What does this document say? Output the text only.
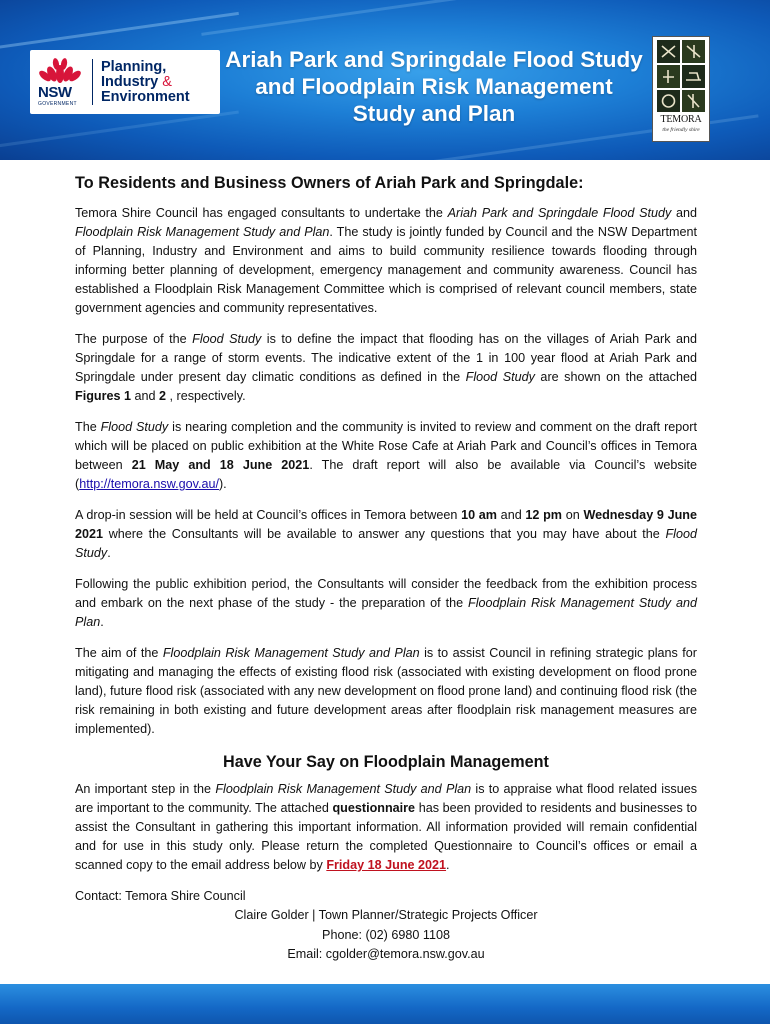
NSW
GOVERNMENT
Planning,
Industry &
Environment
Ariah Park and Springdale Flood Study and Floodplain Risk Management Study and Plan	TEMORA
the friendly shire
To Residents and Business Owners of Ariah Park and Springdale:

Temora Shire Council has engaged consultants to undertake the Ariah Park and Springdale Flood Study and Floodplain Risk Management Study and Plan. The study is jointly funded by Council and the NSW Department of Planning, Industry and Environment and aims to build community resilience towards flooding through informing better planning of development, emergency management and community awareness. Council has established a Floodplain Risk Management Committee which is comprised of relevant council members, state government agencies and community representatives.

The purpose of the Flood Study is to define the impact that flooding has on the villages of Ariah Park and Springdale for a range of storm events. The indicative extent of the 1 in 100 year flood at Ariah Park and Springdale under present day climatic conditions as defined in the Flood Study are shown on the attached Figures 1 and 2 , respectively.

The Flood Study is nearing completion and the community is invited to review and comment on the draft report which will be placed on public exhibition at the White Rose Cafe at Ariah Park and Council’s offices in Temora between 21 May and 18 June 2021. The draft report will also be available via Council’s website (http://temora.nsw.gov.au/).

A drop-in session will be held at Council’s offices in Temora between 10 am and 12 pm on Wednesday 9 June 2021 where the Consultants will be available to answer any questions that you may have about the Flood Study.

Following the public exhibition period, the Consultants will consider the feedback from the exhibition process and embark on the next phase of the study - the preparation of the Floodplain Risk Management Study and Plan.

The aim of the Floodplain Risk Management Study and Plan is to assist Council in refining strategic plans for mitigating and managing the effects of existing flood risk (associated with existing development on flood prone land), future flood risk (associated with any new development on flood prone land) and continuing flood risk (the risk remaining in both existing and future development areas after floodplain risk management measures are implemented).

Have Your Say on Floodplain Management

An important step in the Floodplain Risk Management Study and Plan is to appraise what flood related issues are important to the community. The attached questionnaire has been provided to residents and businesses to assist the Consultant in gathering this important information. All information provided will remain confidential and for use in this study only. Please return the completed Questionnaire to Council’s offices or email a scanned copy to the email address below by Friday 18 June 2021.

Contact: Temora Shire Council
Claire Golder | Town Planner/Strategic Projects Officer
Phone: (02) 6980 1108
Email: cgolder@temora.nsw.gov.au
